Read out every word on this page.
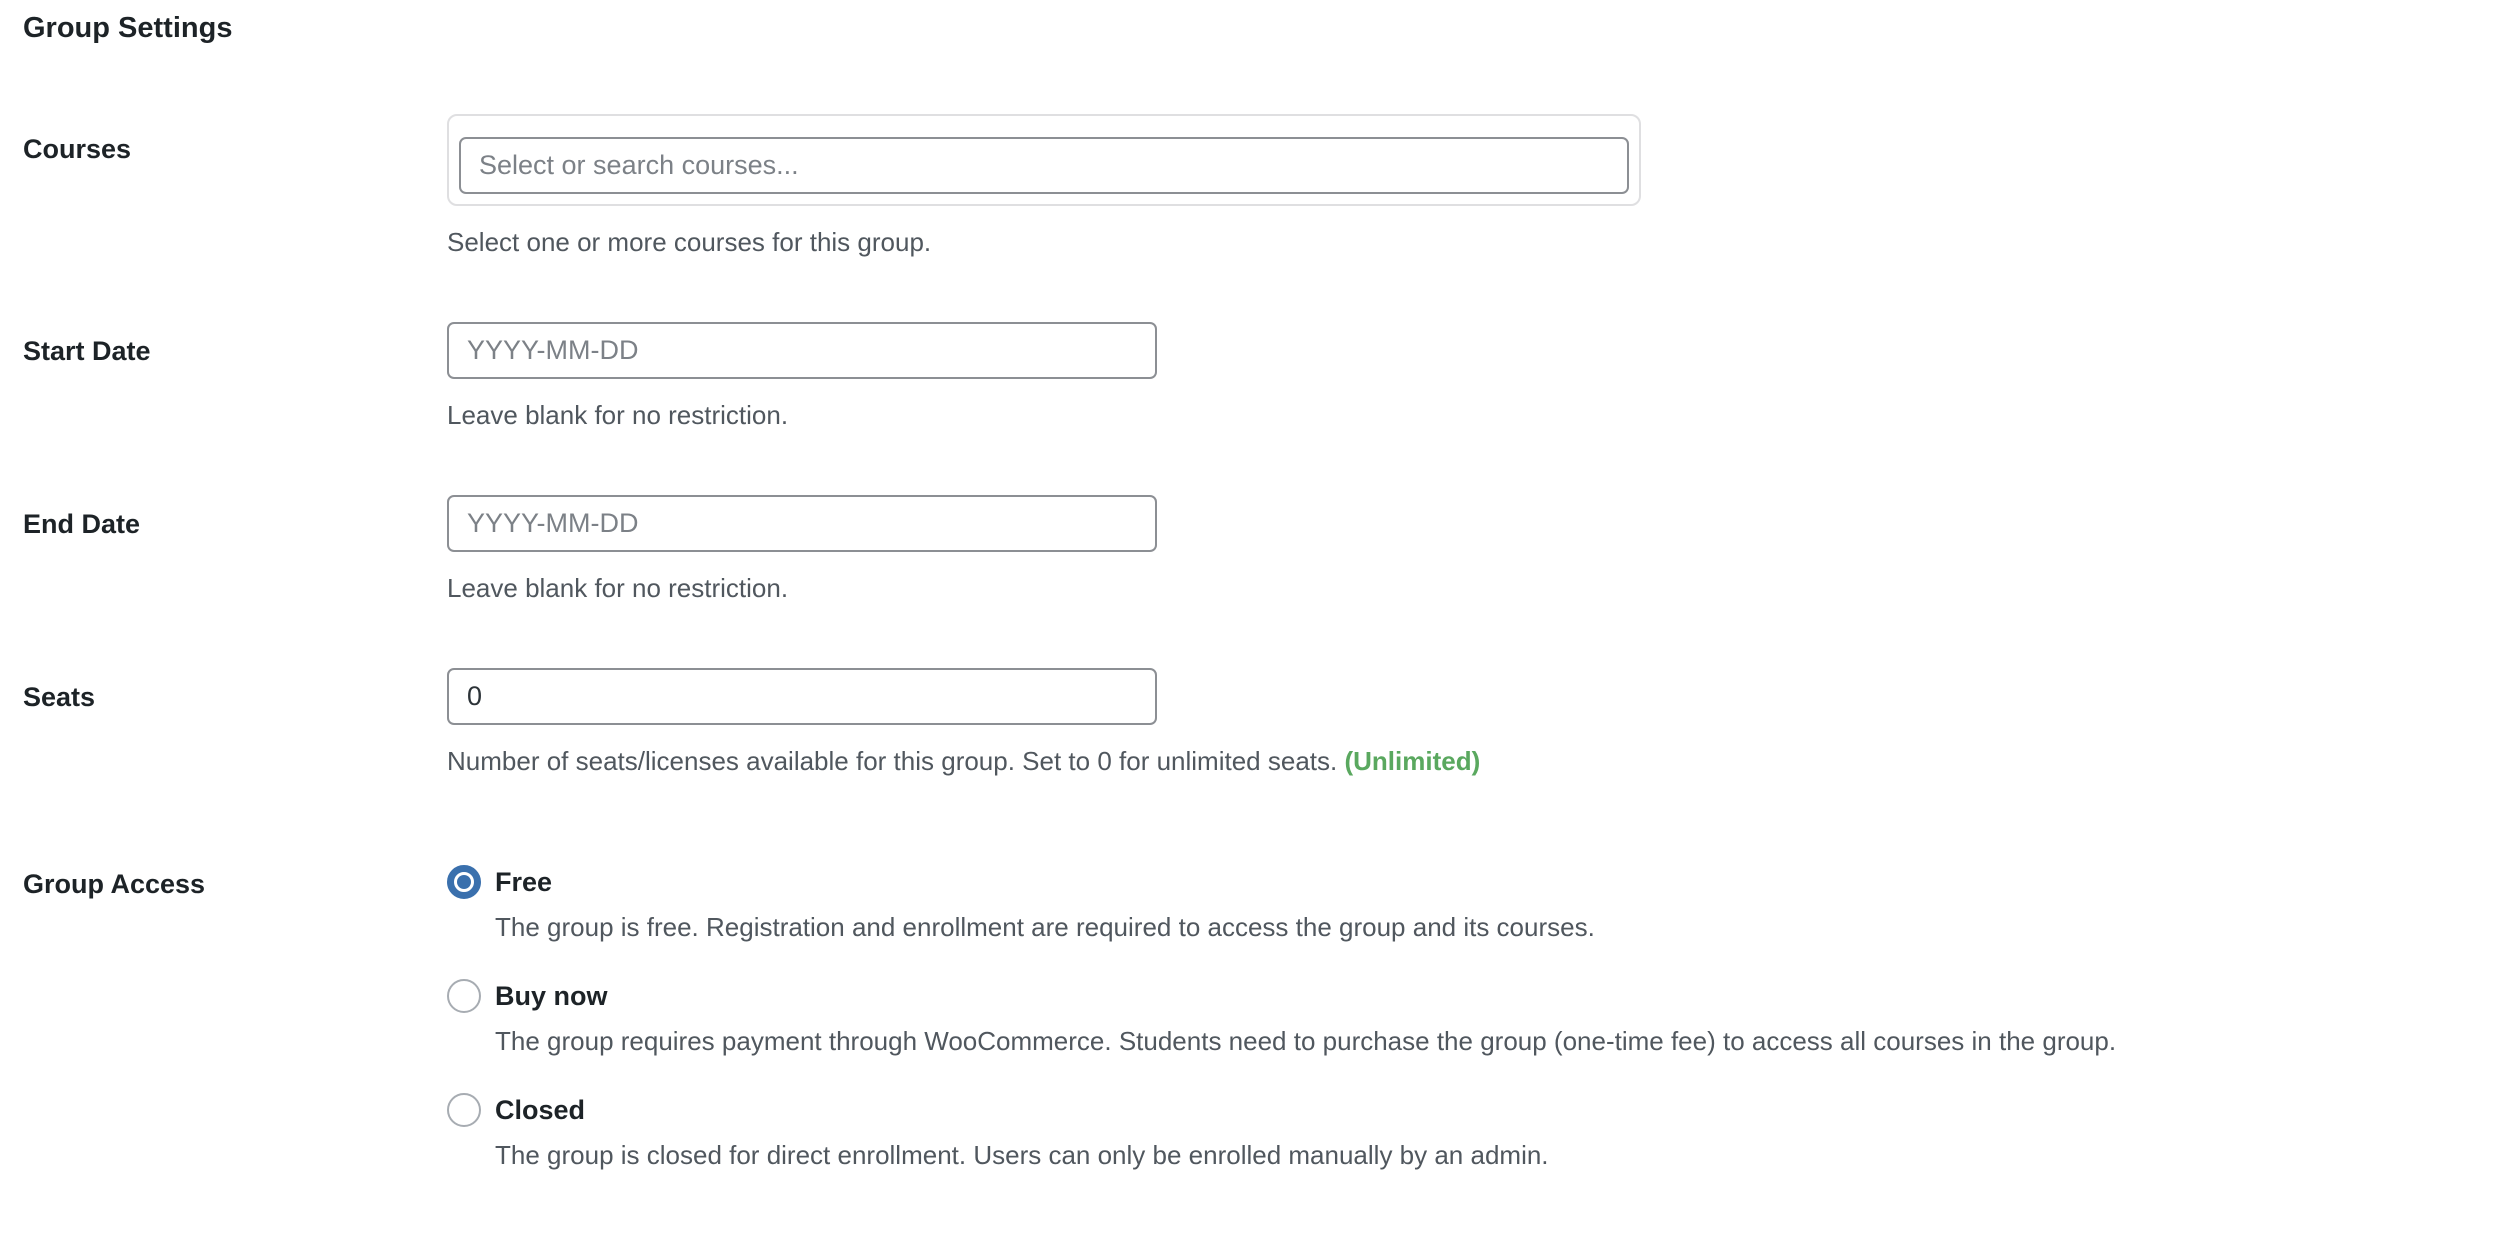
Group Settings
Courses
Select or search courses...
Select one or more courses for this group.
Start Date
YYYY-MM-DD
Leave blank for no restriction.
End Date
YYYY-MM-DD
Leave blank for no restriction.
Seats
0
Number of seats/licenses available for this group. Set to 0 for unlimited seats. (Unlimited)
Group Access	Free
The group is free. Registration and enrollment are required to access the group and its courses.
Buy now
The group requires payment through WooCommerce. Students need to purchase the group (one-time fee) to access all courses in the group.
Closed
The group is closed for direct enrollment. Users can only be enrolled manually by an admin.
